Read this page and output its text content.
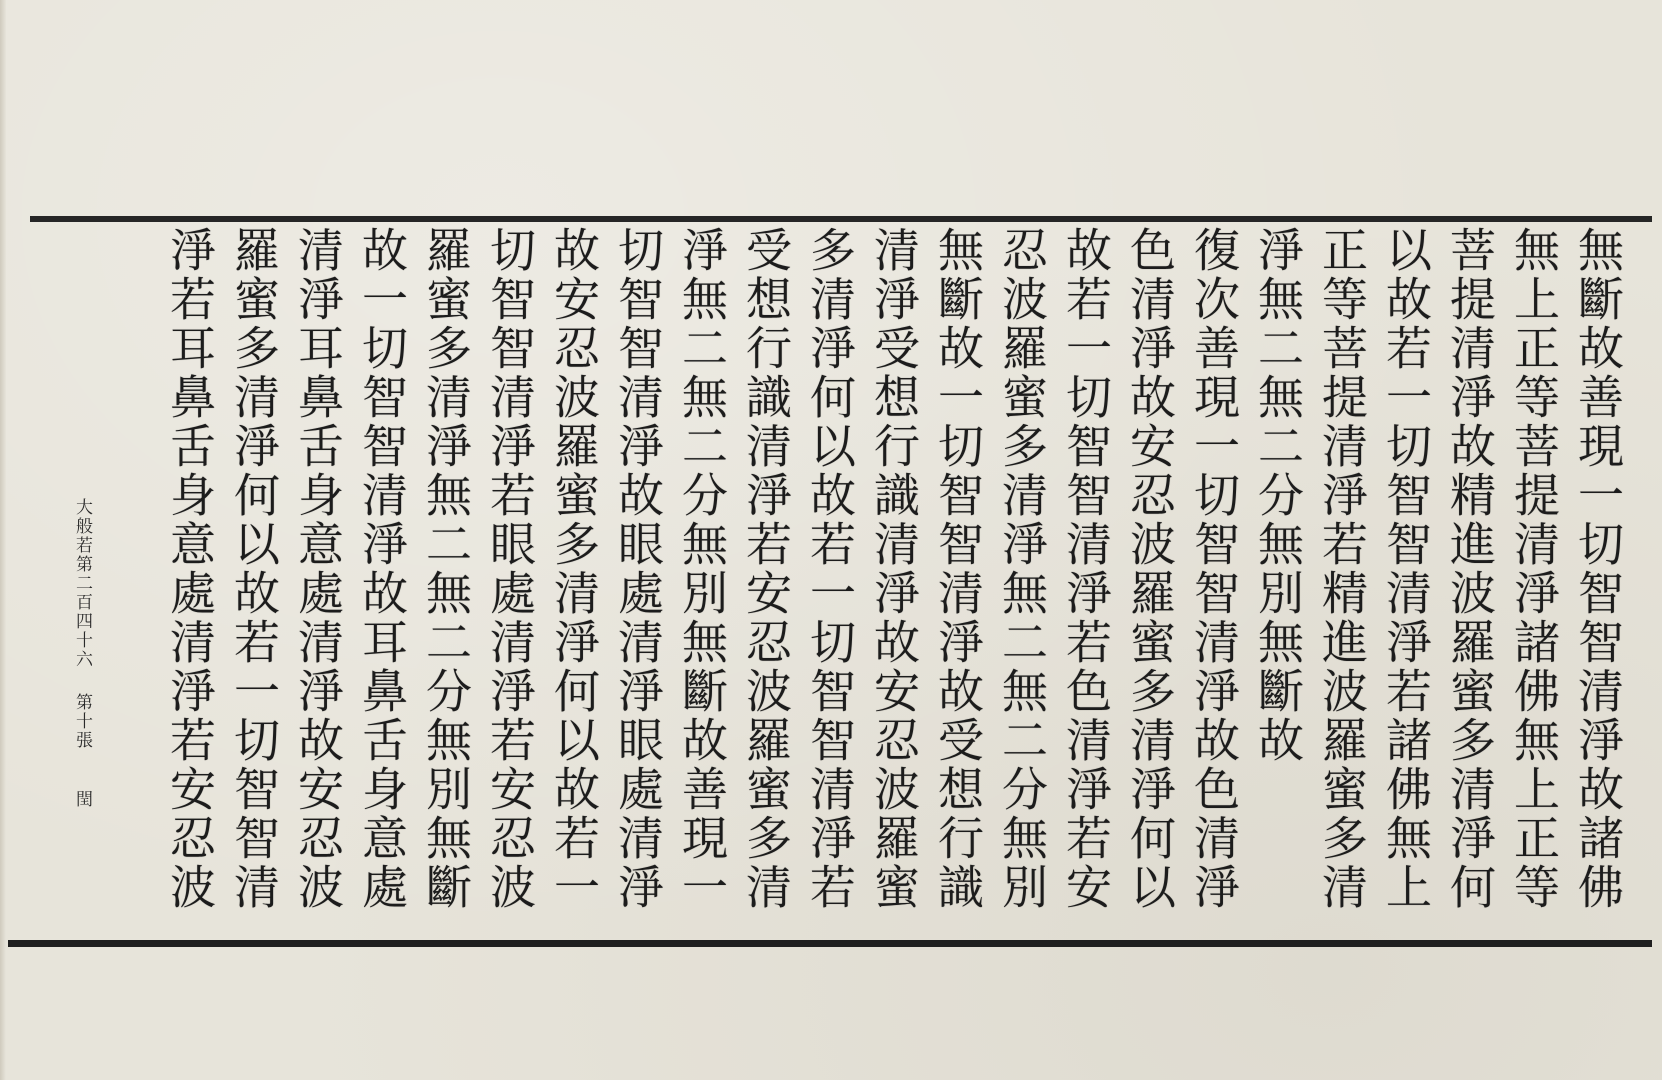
無斷故善現一切智智清淨故諸佛
無上正等菩提清淨諸佛無上正等
菩提清淨故精進波羅蜜多清淨何
以故若一切智智清淨若諸佛無上
正等菩提清淨若精進波羅蜜多清
淨無二無二分無別無斷故
復次善現一切智智清淨故色清淨
色清淨故安忍波羅蜜多清淨何以
故若一切智智清淨若色清淨若安
忍波羅蜜多清淨無二無二分無別
無斷故一切智智清淨故受想行識
清淨受想行識清淨故安忍波羅蜜
多清淨何以故若一切智智清淨若
受想行識清淨若安忍波羅蜜多清
淨無二無二分無別無斷故善現一
切智智清淨故眼處清淨眼處清淨
故安忍波羅蜜多清淨何以故若一
切智智清淨若眼處清淨若安忍波
羅蜜多清淨無二無二分無別無斷
故一切智智清淨故耳鼻舌身意處
清淨耳鼻舌身意處清淨故安忍波
羅蜜多清淨何以故若一切智智清
淨若耳鼻舌身意處清淨若安忍波
大般若第二百四十六
第十張
閏
